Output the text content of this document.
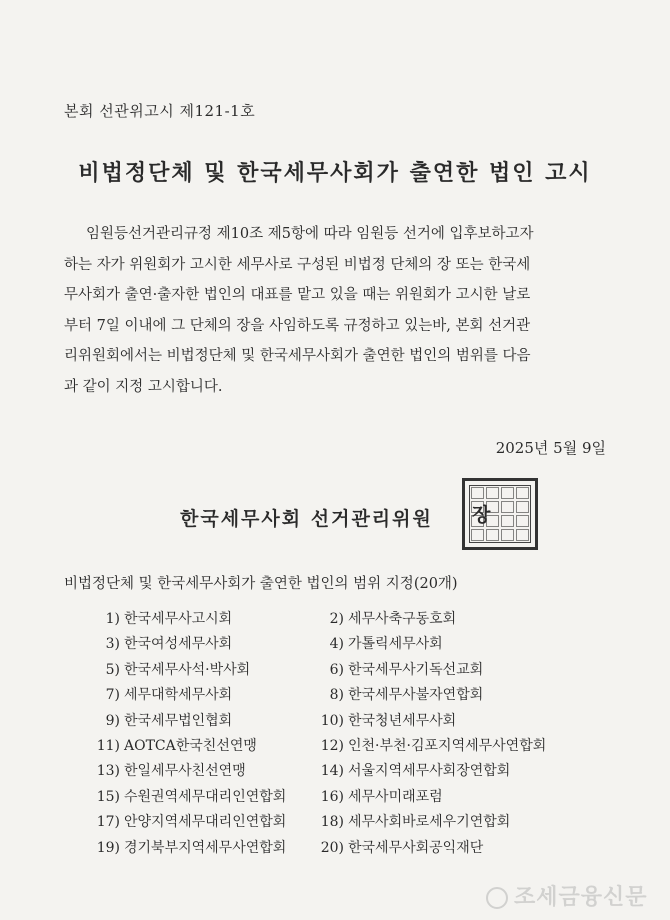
본회 선관위고시 제121-1호
비법정단체 및 한국세무사회가 출연한 법인 고시
임원등선거관리규정 제10조 제5항에 따라 임원등 선거에 입후보하고자
하는 자가 위원회가 고시한 세무사로 구성된 비법정 단체의 장 또는 한국세
무사회가 출연·출자한 법인의 대표를 맡고 있을 때는 위원회가 고시한 날로
부터 7일 이내에 그 단체의 장을 사임하도록 규정하고 있는바, 본회 선거관
리위원회에서는 비법정단체 및 한국세무사회가 출연한 법인의 범위를 다음
과 같이 지정 고시합니다.
2025년 5월 9일
한국세무사회 선거관리위원 장
비법정단체 및 한국세무사회가 출연한 법인의 범위 지정(20개)
1) 한국세무사고시회	2) 세무사축구동호회
3) 한국여성세무사회	4) 가톨릭세무사회
5) 한국세무사석·박사회	6) 한국세무사기독선교회
7) 세무대학세무사회	8) 한국세무사불자연합회
9) 한국세무법인협회	10) 한국청년세무사회
11) AOTCA한국친선연맹	12) 인천·부천·김포지역세무사연합회
13) 한일세무사친선연맹	14) 서울지역세무사회장연합회
15) 수원권역세무대리인연합회	16) 세무사미래포럼
17) 안양지역세무대리인연합회	18) 세무사회바로세우기연합회
19) 경기북부지역세무사연합회	20) 한국세무사회공익재단
조세금융신문
